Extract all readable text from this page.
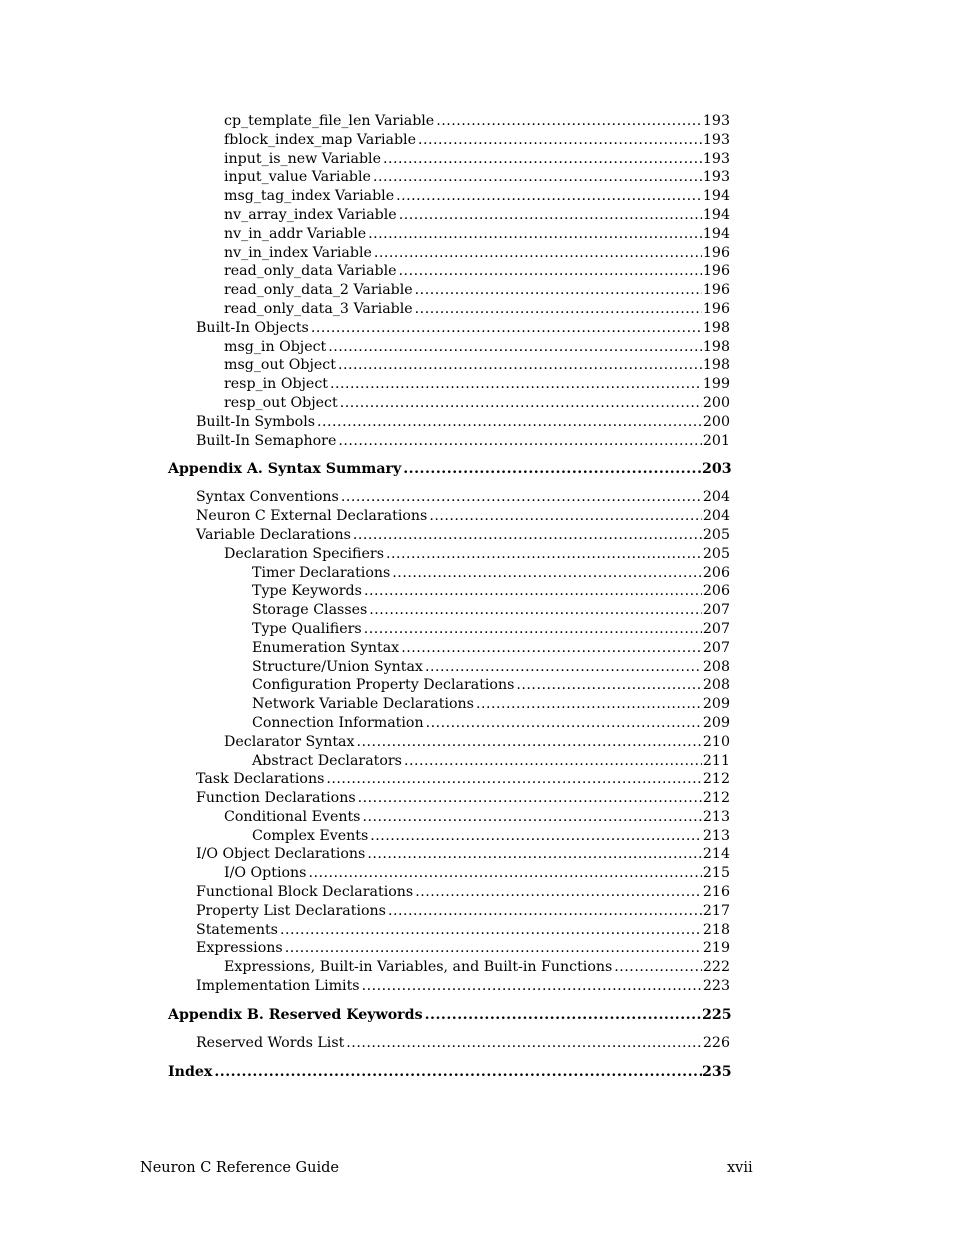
cp_template_file_len Variable .....	193
fblock_index_map Variable .....	193
input_is_new Variable .....	193
input_value Variable .....	193
msg_tag_index Variable .....	194
nv_array_index Variable .....	194
nv_in_addr Variable .....	194
nv_in_index Variable .....	196
read_only_data Variable .....	196
read_only_data_2 Variable .....	196
read_only_data_3 Variable .....	196
Built-In Objects .....	198
msg_in Object .....	198
msg_out Object .....	198
resp_in Object .....	199
resp_out Object .....	200
Built-In Symbols .....	200
Built-In Semaphore .....	201
Appendix A. Syntax Summary .....	203
Syntax Conventions .....	204
Neuron C External Declarations .....	204
Variable Declarations .....	205
Declaration Specifiers .....	205
Timer Declarations .....	206
Type Keywords .....	206
Storage Classes .....	207
Type Qualifiers .....	207
Enumeration Syntax .....	207
Structure/Union Syntax .....	208
Configuration Property Declarations .....	208
Network Variable Declarations .....	209
Connection Information .....	209
Declarator Syntax .....	210
Abstract Declarators .....	211
Task Declarations .....	212
Function Declarations .....	212
Conditional Events .....	213
Complex Events .....	213
I/O Object Declarations .....	214
I/O Options .....	215
Functional Block Declarations .....	216
Property List Declarations .....	217
Statements .....	218
Expressions .....	219
Expressions, Built-in Variables, and Built-in Functions .....	222
Implementation Limits .....	223
Appendix B. Reserved Keywords .....	225
Reserved Words List .....	226
Index .....	235
Neuron C Reference Guide	xvii
